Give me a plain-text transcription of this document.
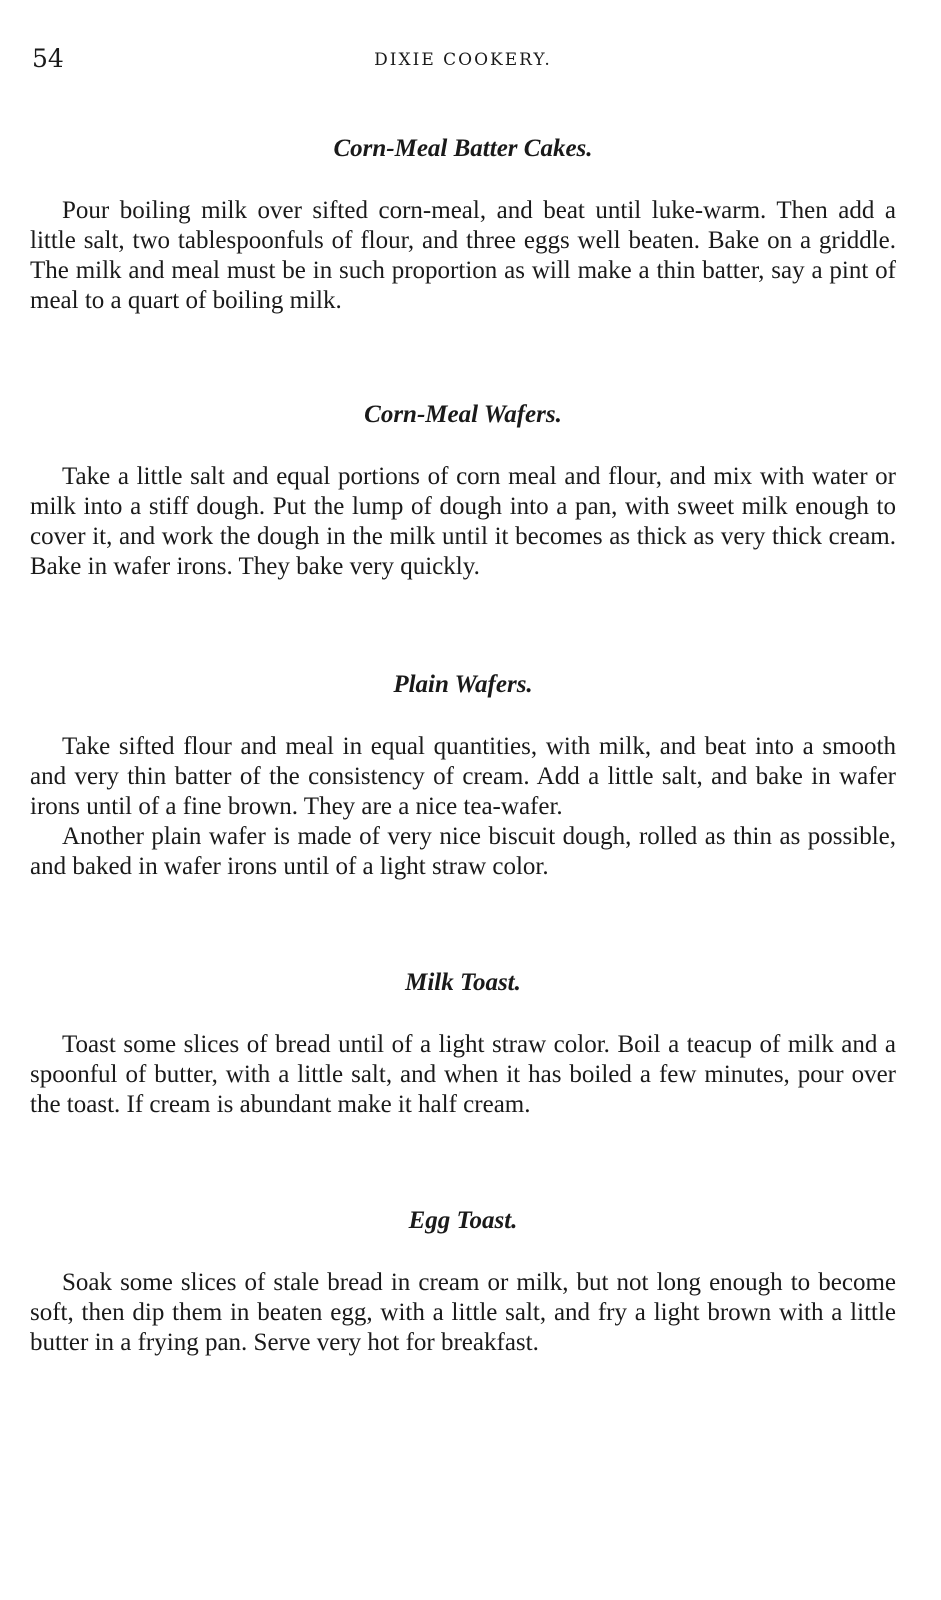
54	DIXIE COOKERY.
Corn-Meal Batter Cakes.

Pour boiling milk over sifted corn-meal, and beat until luke-warm. Then add a little salt, two tablespoonfuls of flour, and three eggs well beaten. Bake on a griddle. The milk and meal must be in such proportion as will make a thin batter, say a pint of meal to a quart of boiling milk.

Corn-Meal Wafers.

Take a little salt and equal portions of corn meal and flour, and mix with water or milk into a stiff dough. Put the lump of dough into a pan, with sweet milk enough to cover it, and work the dough in the milk until it becomes as thick as very thick cream. Bake in wafer irons. They bake very quickly.

Plain Wafers.

Take sifted flour and meal in equal quantities, with milk, and beat into a smooth and very thin batter of the consistency of cream. Add a little salt, and bake in wafer irons until of a fine brown. They are a nice tea-wafer.

Another plain wafer is made of very nice biscuit dough, rolled as thin as possible, and baked in wafer irons until of a light straw color.

Milk Toast.

Toast some slices of bread until of a light straw color. Boil a teacup of milk and a spoonful of butter, with a little salt, and when it has boiled a few minutes, pour over the toast. If cream is abundant make it half cream.

Egg Toast.

Soak some slices of stale bread in cream or milk, but not long enough to become soft, then dip them in beaten egg, with a little salt, and fry a light brown with a little butter in a frying pan. Serve very hot for breakfast.
